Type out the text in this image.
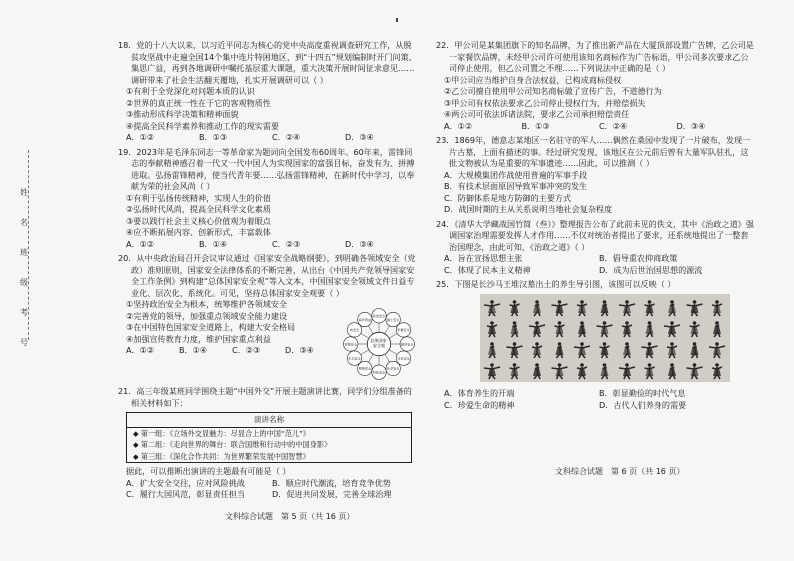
姓
名
班
级
考号
18．党的十八大以来，以习近平同志为核心的党中央高度重视调查研究工作，从脱贫攻坚战中走遍全国14个集中连片特困地区，到“十四五”规划编制时开门问策、集思广益，再到各地调研中嘱托基层重大课题，重大决策开展时间征求意见……调研带来了社会生活翻天覆地，扎实开展调研可以（ ）
①有利于全党深化对问题本质的认识
②世界的真正统一性在于它的客观物质性
③推动形成科学决策和精神面貌
④提高全民科学素养和推动工作的现实需要
A．①②	B．①③	C．②④	D．③④
19．2023年是毛泽东同志一等革命家为题词向全国发布60周年。60年来，雷锋同志的奉献精神感召着一代又一代中国人为实现国家的富强目标，奋发有为、拼搏进取。弘扬雷锋精神，使当代青年要……弘扬雷锋精神，在新时代中学习，以奉献为荣的社会风尚（ ）
①有利于弘扬传统精神，实现人生的价值
②弘扬时代风尚，提高全民科学文化素质
③要以践行社会主义核心价值观为着眼点
④应不断拓展内容、创新形式，丰富载体
A．①②	B．①④	C．②③	D．③④
20．从中央政治局召开会议审议通过《国家安全战略纲要》，到明确各领域安全（党政）准则原则，国家安全法律体系的不断完善，从出台《中国共产党领导国家安全工作条例》到构建“总体国家安全观”等入文本，中国国家安全领域文件日益专业化、层次化、系统化。可见，坚持总体国家安全观要（ ）
①坚持政治安全为根本，统筹维护各领域安全
②完善党的领导，加强重点领域安全能力建设
③在中国特色国家安全道路上，构建大安全格局
④加强宣传教育力度，维护国家重点利益
A．①②	B．①④	C．②③	D．③④
政治安全
国土安全
军事安全
经济安全
文化安全
社会安全
科技安全
网络安全
生态安全
资源安全
核安全
海外利益
总体国家 安全观
21．高三年级某班同学围绕主题“中国外交”开展主题演讲比赛，同学们分组准备的相关材料如下：
演讲名称
◆ 第一组：《立场外交显魅力：尽显合上的中国“范儿”》
◆ 第二组：《走向世界的舞台：联合国维和行动中的中国身影》
◆ 第三组：《深化合作共同：为世界繁荣发展中国智慧》
据此，可以推断出演讲的主题最有可能是（ ）
A．扩大安全交往，应对风险挑战	B．顺应时代潮流，培育竞争优势
C．履行大国风范，彰显责任担当	D．促进共同发展，完善全球治理
文科综合试题　第 5 页（共 16 页）
22．甲公司是某集团旗下的知名品牌，为了推出新产品在大厦顶部设置广告牌，乙公司是一家餐饮品牌，未经甲公司许可使用该知名商标作为广告标语，甲公司多次要求乙公司停止使用，但乙公司置之不理……下列说法中正确的是（ ）
①甲公司应当维护自身合法权益，已构成商标侵权
②乙公司擅自使用甲公司知名商标做了宣传广告，不道德行为
③甲公司有权依法要求乙公司停止侵权行为，并赔偿损失
④两公司可依法诉诸法院，要求乙公司承担赔偿责任
A．①②	B．①③	C．②④	D．③④
23．1869年，德意志某地区一名驻守的军人……偶然在桑园中发现了一片破布，发现一片古墓，上面有描述的事。经过研究发现，该地区在公元前后曾有大量军队驻扎，这批文物被认为是重要的军事遗迹……因此，可以推测（ ）
A．大规模集团作战使用普遍的军事手段
B．有技术层面原因导致军事冲突的发生
C．防御体系是地方防御的主要方式
D．战国时期的主从关系说明当地社会复杂程度
24．《清华大学藏战国竹简（叁）》整理报告公布了此前未见的佚文，其中《治政之道》强调国家治理需要发挥人才作用……不仅对统治者提出了要求，还系统地提出了一整套治国理念，由此可知，《治政之道》（ ）
A．旨在宣扬思想主张	B．倡导重农抑商政策
C．体现了民本主义精神	D．成为后世治国思想的源流
25．下图是长沙马王堆汉墓出土的养生导引图，该图可以反映（ ）
A．体育养生的开端	B．彰显勤俭的时代气息
C．珍爱生命的精神	D．古代人们养身的需要
文科综合试题　第 6 页（共 16 页）
